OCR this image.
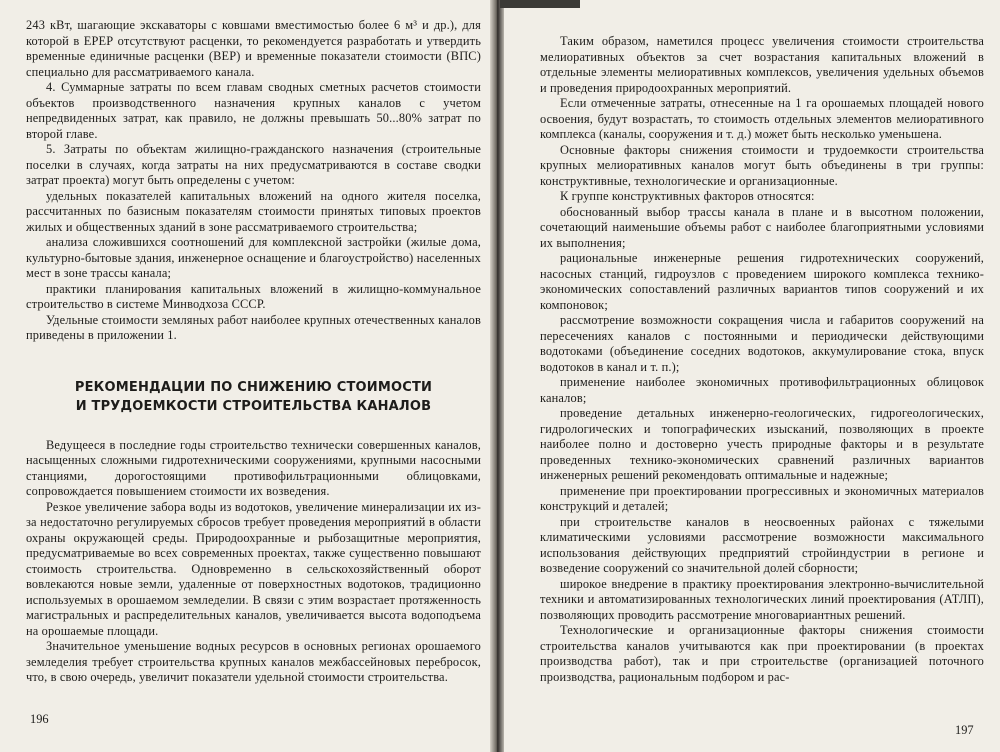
243 кВт, шагающие экскаваторы с ковшами вместимостью более 6 м³ и др.), для которой в ЕРЕР отсутствуют расценки, то рекомендуется разработать и утвердить временные единичные расценки (ВЕР) и временные показатели стоимости (ВПС) специально для рассматриваемого канала.

4. Суммарные затраты по всем главам сводных сметных расчетов стоимости объектов производственного назначения крупных каналов с учетом непредвиденных затрат, как правило, не должны превышать 50...80% затрат по второй главе.

5. Затраты по объектам жилищно-гражданского назначения (строительные поселки в случаях, когда затраты на них предусматриваются в составе сводки затрат проекта) могут быть определены с учетом:

удельных показателей капитальных вложений на одного жителя поселка, рассчитанных по базисным показателям стоимости принятых типовых проектов жилых и общественных зданий в зоне рассматриваемого строительства;

анализа сложившихся соотношений для комплексной застройки (жилые дома, культурно-бытовые здания, инженерное оснащение и благоустройство) населенных мест в зоне трассы канала;

практики планирования капитальных вложений в жилищно-коммунальное строительство в системе Минводхоза СССР.

Удельные стоимости земляных работ наиболее крупных отечественных каналов приведены в приложении 1.

РЕКОМЕНДАЦИИ ПО СНИЖЕНИЮ СТОИМОСТИ
И ТРУДОЕМКОСТИ СТРОИТЕЛЬСТВА КАНАЛОВ

Ведущееся в последние годы строительство технически совершенных каналов, насыщенных сложными гидротехническими сооружениями, крупными насосными станциями, дорогостоящими противофильтрационными облицовками, сопровождается повышением стоимости их возведения.

Резкое увеличение забора воды из водотоков, увеличение минерализации их из-за недостаточно регулируемых сбросов требует проведения мероприятий в области охраны окружающей среды. Природоохранные и рыбозащитные мероприятия, предусматриваемые во всех современных проектах, также существенно повышают стоимость строительства. Одновременно в сельскохозяйственный оборот вовлекаются новые земли, удаленные от поверхностных водотоков, традиционно используемых в орошаемом земледелии. В связи с этим возрастает протяженность магистральных и распределительных каналов, увеличивается высота водоподъема на орошаемые площади.

Значительное уменьшение водных ресурсов в основных регионах орошаемого земледелия требует строительства крупных каналов межбассейновых перебросок, что, в свою очередь, увеличит показатели удельной стоимости строительства.

Таким образом, наметился процесс увеличения стоимости строительства мелиоративных объектов за счет возрастания капитальных вложений в отдельные элементы мелиоративных комплексов, увеличения удельных объемов и проведения природоохранных мероприятий.

Если отмеченные затраты, отнесенные на 1 га орошаемых площадей нового освоения, будут возрастать, то стоимость отдельных элементов мелиоративного комплекса (каналы, сооружения и т. д.) может быть несколько уменьшена.

Основные факторы снижения стоимости и трудоемкости строительства крупных мелиоративных каналов могут быть объединены в три группы: конструктивные, технологические и организационные.

К группе конструктивных факторов относятся:

обоснованный выбор трассы канала в плане и в высотном положении, сочетающий наименьшие объемы работ с наиболее благоприятными условиями их выполнения;

рациональные инженерные решения гидротехнических сооружений, насосных станций, гидроузлов с проведением широкого комплекса технико-экономических сопоставлений различных вариантов типов сооружений и их компоновок;

рассмотрение возможности сокращения числа и габаритов сооружений на пересечениях каналов с постоянными и периодически действующими водотоками (объединение соседних водотоков, аккумулирование стока, впуск водотоков в канал и т. п.);

применение наиболее экономичных противофильтрационных облицовок каналов;

проведение детальных инженерно-геологических, гидрогеологических, гидрологических и топографических изысканий, позволяющих в проекте наиболее полно и достоверно учесть природные факторы и в результате проведенных технико-экономических сравнений различных вариантов инженерных решений рекомендовать оптимальные и надежные;

применение при проектировании прогрессивных и экономичных материалов конструкций и деталей;

при строительстве каналов в неосвоенных районах с тяжелыми климатическими условиями рассмотрение возможности максимального использования действующих предприятий стройиндустрии в регионе и возведение сооружений со значительной долей сборности;

широкое внедрение в практику проектирования электронно-вычислительной техники и автоматизированных технологических линий проектирования (АТЛП), позволяющих проводить рассмотрение многовариантных решений.

Технологические и организационные факторы снижения стоимости строительства каналов учитываются как при проектировании (в проектах производства работ), так и при строительстве (организацией поточного производства, рациональным подбором и рас-

196
197
